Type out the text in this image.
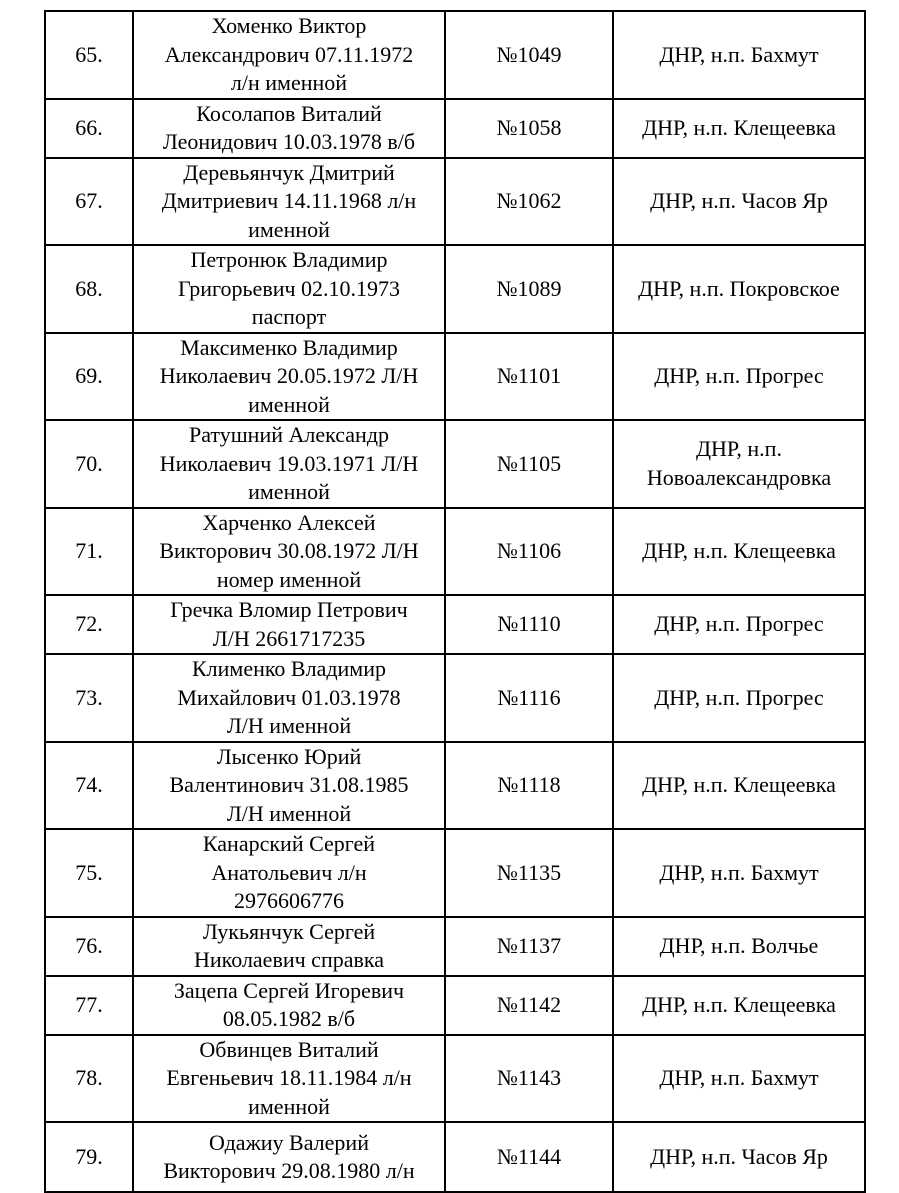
65.	Хоменко Виктор
Александрович 07.11.1972
л/н именной	№1049	ДНР, н.п. Бахмут

66.	Косолапов Виталий
Леонидович 10.03.1978 в/б	№1058	ДНР, н.п. Клещеевка

67.	Деревьянчук Дмитрий
Дмитриевич 14.11.1968 л/н
именной	№1062	ДНР, н.п. Часов Яр

68.	Петронюк Владимир
Григорьевич 02.10.1973
паспорт	№1089	ДНР, н.п. Покровское

69.	Максименко Владимир
Николаевич 20.05.1972 Л/Н
именной	№1101	ДНР, н.п. Прогрес

70.	Ратушний Александр
Николаевич 19.03.1971 Л/Н
именной	№1105	ДНР, н.п.
Новоалександровка

71.	Харченко Алексей
Викторович 30.08.1972 Л/Н
номер именной	№1106	ДНР, н.п. Клещеевка

72.	Гречка Вломир Петрович
Л/Н 2661717235	№1110	ДНР, н.п. Прогрес

73.	Клименко Владимир
Михайлович 01.03.1978
Л/Н именной	№1116	ДНР, н.п. Прогрес

74.	Лысенко Юрий
Валентинович 31.08.1985
Л/Н именной	№1118	ДНР, н.п. Клещеевка

75.	Канарский Сергей
Анатольевич л/н
2976606776	№1135	ДНР, н.п. Бахмут

76.	Лукьянчук Сергей
Николаевич справка	№1137	ДНР, н.п. Волчье

77.	Зацепа Сергей Игоревич
08.05.1982 в/б	№1142	ДНР, н.п. Клещеевка

78.	Обвинцев Виталий
Евгеньевич 18.11.1984 л/н
именной	№1143	ДНР, н.п. Бахмут

79.	Одажиу Валерий
Викторович 29.08.1980 л/н	№1144	ДНР, н.п. Часов Яр
